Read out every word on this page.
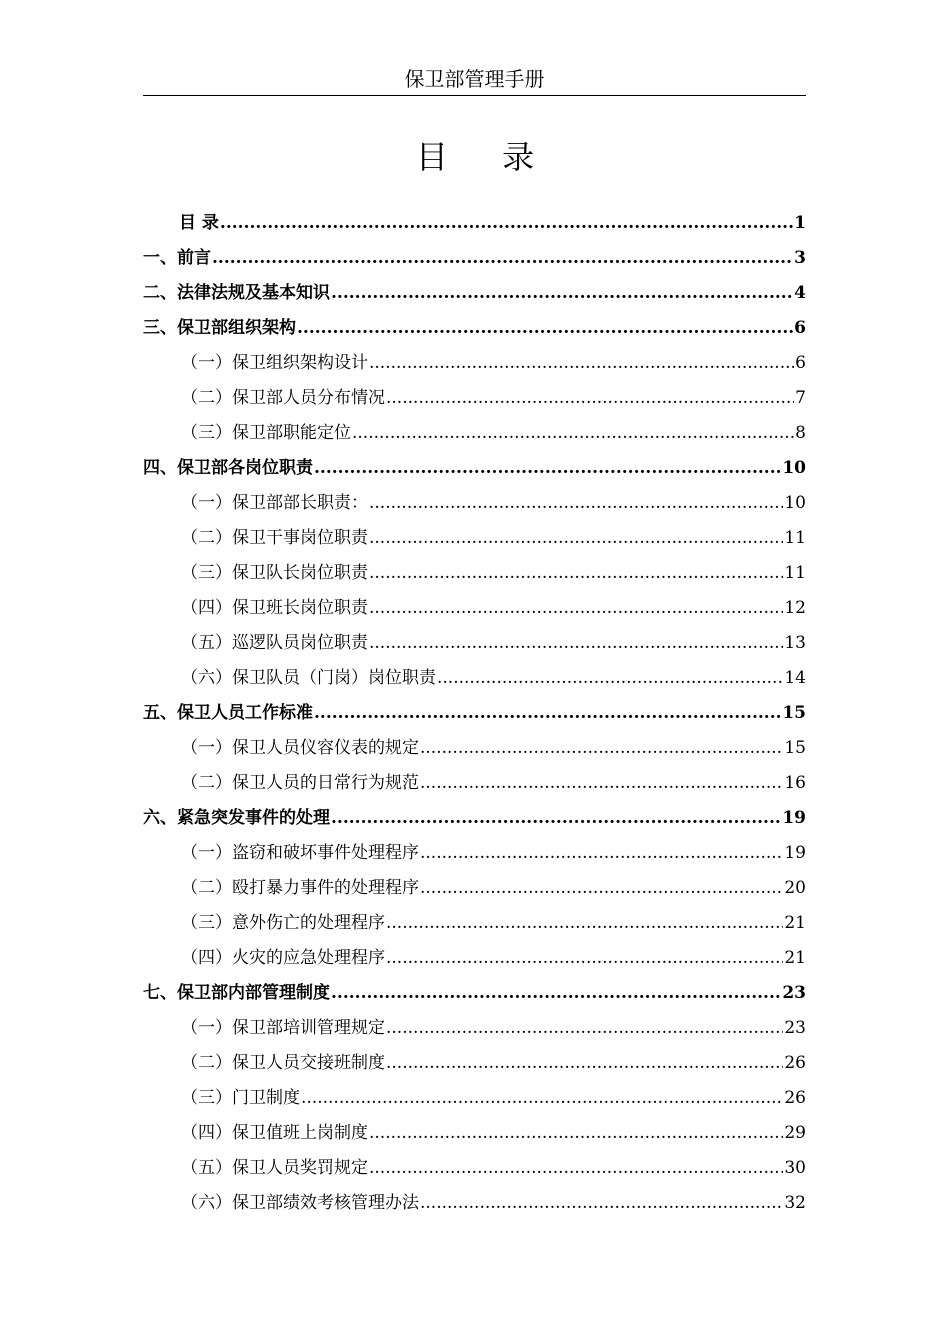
保卫部管理手册
目 录
目 录 .....	1
一、前言 .....	3
二、法律法规及基本知识 .....	4
三、保卫部组织架构 .....	6
（一）保卫组织架构设计 .....	6
（二）保卫部人员分布情况 .....	7
（三）保卫部职能定位 .....	8
四、保卫部各岗位职责 .....	10
（一）保卫部部长职责： .....	10
（二）保卫干事岗位职责 .....	11
（三）保卫队长岗位职责 .....	11
（四）保卫班长岗位职责 .....	12
（五）巡逻队员岗位职责 .....	13
（六）保卫队员（门岗）岗位职责 .....	14
五、保卫人员工作标准 .....	15
（一）保卫人员仪容仪表的规定 .....	15
（二）保卫人员的日常行为规范 .....	16
六、紧急突发事件的处理 .....	19
（一）盗窃和破坏事件处理程序 .....	19
（二）殴打暴力事件的处理程序 .....	20
（三）意外伤亡的处理程序 .....	21
（四）火灾的应急处理程序 .....	21
七、保卫部内部管理制度 .....	23
（一）保卫部培训管理规定 .....	23
（二）保卫人员交接班制度 .....	26
（三）门卫制度 .....	26
（四）保卫值班上岗制度 .....	29
（五）保卫人员奖罚规定 .....	30
（六）保卫部绩效考核管理办法 .....	32
